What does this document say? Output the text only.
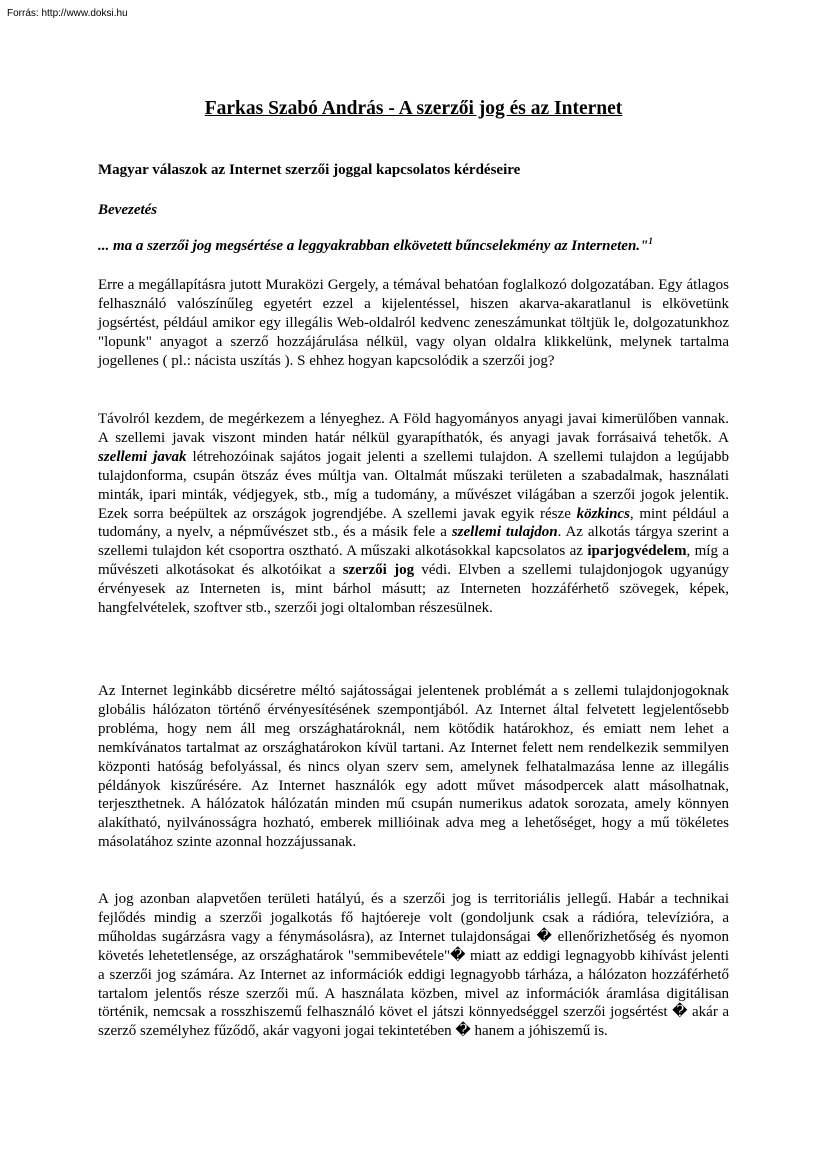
Forrás: http://www.doksi.hu
Farkas Szabó András - A szerzői jog és az Internet
Magyar válaszok az Internet szerzői joggal kapcsolatos kérdéseire
Bevezetés
... ma a szerzői jog megsértése a leggyakrabban elkövetett bűncselekmény az Interneten."$^1$

Erre a megállapításra jutott Muraközi Gergely, a témával behatóan foglalkozó dolgozatában. Egy átlagos felhasználó valószínűleg egyetért ezzel a kijelentéssel, hiszen akarva-akaratlanul is elkövetünk jogsértést, például amikor egy illegális Web-oldalról kedvenc zeneszámunkat töltjük le, dolgozatunkhoz "lopunk" anyagot a szerző hozzájárulása nélkül, vagy olyan oldalra klikkelünk, melynek tartalma jogellenes ( pl.: nácista uszítás ). S ehhez hogyan kapcsolódik a szerzői jog?

Távolról kezdem, de megérkezem a lényeghez. A Föld hagyományos anyagi javai kimerülőben vannak. A szellemi javak viszont minden határ nélkül gyarapíthatók, és anyagi javak forrásaivá tehetők. A szellemi javak létrehozóinak sajátos jogait jelenti a szellemi tulajdon. A szellemi tulajdon a legújabb tulajdonforma, csupán ötszáz éves múltja van. Oltalmát műszaki területen a szabadalmak, használati minták, ipari minták, védjegyek, stb., míg a tudomány, a művészet világában a szerzői jogok jelentik. Ezek sorra beépültek az országok jogrendjébe. A szellemi javak egyik része közkincs, mint például a tudomány, a nyelv, a népművészet stb., és a másik fele a szellemi tulajdon. Az alkotás tárgya szerint a szellemi tulajdon két csoportra osztható. A műszaki alkotásokkal kapcsolatos az iparjogvédelem, míg a művészeti alkotásokat és alkotóikat a szerzői jog védi. Elvben a szellemi tulajdonjogok ugyanúgy érvényesek az Interneten is, mint bárhol másutt; az Interneten hozzáférhető szövegek, képek, hangfelvételek, szoftver stb., szerzői jogi oltalomban részesülnek.

Az Internet leginkább dicséretre méltó sajátosságai jelentenek problémát a s zellemi tulajdonjogoknak globális hálózaton történő érvényesítésének szempontjából. Az Internet által felvetett legjelentősebb probléma, hogy nem áll meg országhatároknál, nem kötődik határokhoz, és emiatt nem lehet a nemkívánatos tartalmat az országhatárokon kívül tartani. Az Internet felett nem rendelkezik semmilyen központi hatóság befolyással, és nincs olyan szerv sem, amelynek felhatalmazása lenne az illegális példányok kiszűrésére. Az Internet használók egy adott művet másodpercek alatt másolhatnak, terjeszthetnek. A hálózatok hálózatán minden mű csupán numerikus adatok sorozata, amely könnyen alakítható, nyilvánosságra hozható, emberek millióinak adva meg a lehetőséget, hogy a mű tökéletes másolatához szinte azonnal hozzájussanak.

A jog azonban alapvetően területi hatályú, és a szerzői jog is territoriális jellegű. Habár a technikai fejlődés mindig a szerzői jogalkotás fő hajtóereje volt (gondoljunk csak a rádióra, televízióra, a műholdas sugárzásra vagy a fénymásolásra), az Internet tulajdonságai � ellenőrizhetőség és nyomon követés lehetetlensége, az országhatárok "semmibevétele"� miatt az eddigi legnagyobb kihívást jelenti a szerzői jog számára. Az Internet az információk eddigi legnagyobb tárháza, a hálózaton hozzáférhető tartalom jelentős része szerzői mű. A használata közben, mivel az információk áramlása digitálisan történik, nemcsak a rosszhiszemű felhasználó követ el játszi könnyedséggel szerzői jogsértést � akár a szerző személyhez fűződő, akár vagyoni jogai tekintetében � hanem a jóhiszemű is.
